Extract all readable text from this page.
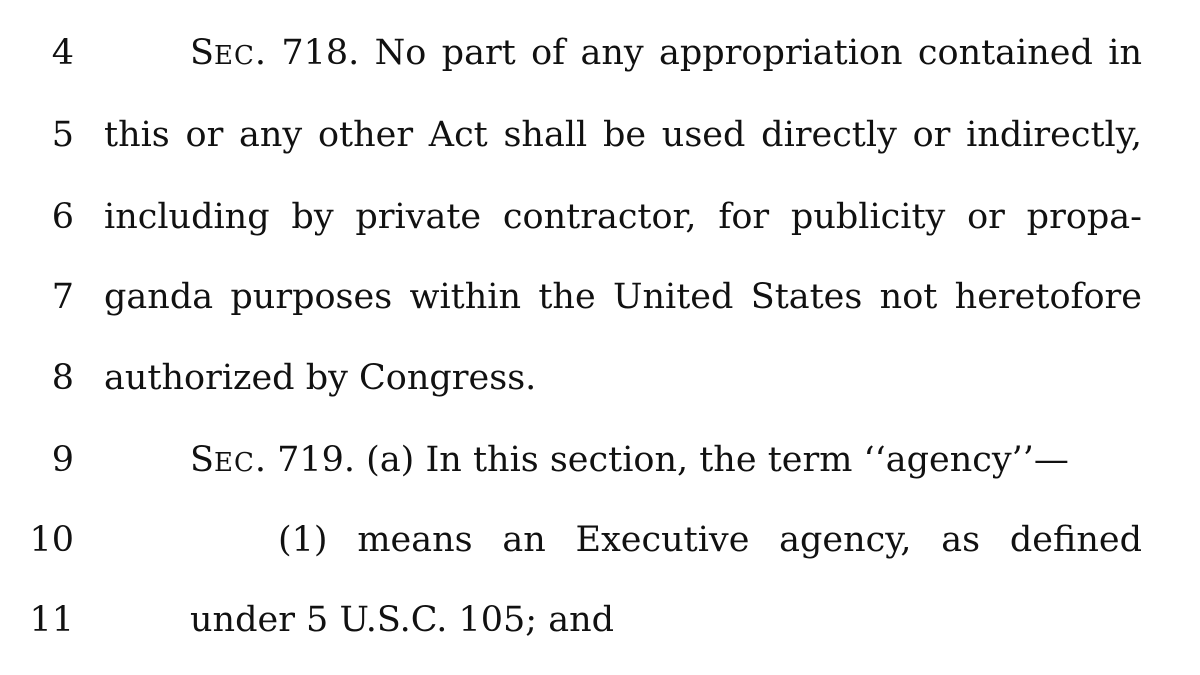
4	SEC. 718. No part of any appropriation contained in
5 this or any other Act shall be used directly or indirectly,
6 including by private contractor, for publicity or propa-
7 ganda purposes within the United States not heretofore
8 authorized by Congress.
9	SEC. 719. (a) In this section, the term ‘‘agency’’—
10	(1) means an Executive agency, as defined
11	under 5 U.S.C. 105; and
